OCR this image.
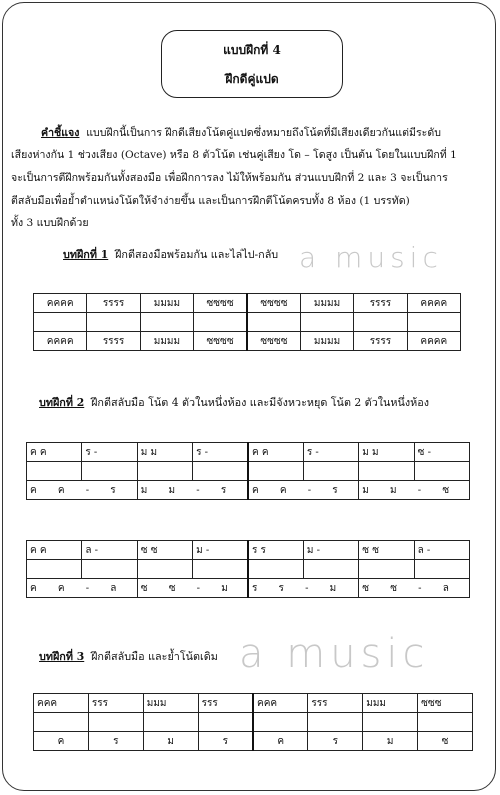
แบบฝึกที่ 4
ฝึกดีคู่แปด
คำชี้แจง แบบฝึกนี้เป็นการ ฝึกดีเสียงโน้ตคู่แปดซึ่งหมายถึงโน้ตที่มีเสียงเดียวกันแต่มีระดับ
เสียงห่างกัน 1 ช่วงเสียง (Octave) หรือ 8 ตัวโน้ต เช่นคู่เสียง โด – โดสูง เป็นต้น โดยในแบบฝึกที่ 1
จะเป็นการตีฝึกพร้อมกันทั้งสองมือ เพื่อฝึกการลง ไม้ให้พร้อมกัน ส่วนแบบฝึกที่ 2 และ 3 จะเป็นการ
ตีสลับมือเพื่อย้ำตำแหน่งโน้ตให้จำง่ายขึ้น และเป็นการฝึกตีโน้ตครบทั้ง 8 ห้อง (1 บรรทัด)
ทั้ง 3 แบบฝึกด้วย
บทฝึกที่ 1 ฝึกตีสองมือพร้อมกัน และไล่ไป-กลับ a music
คคคค	รรรร	มมมม	ซซซซ	ซซซซ	มมมม	รรรร	คคคค

คคคค	รรรร	มมมม	ซซซซ	ซซซซ	มมมม	รรรร	คคคค
บทฝึกที่ 2 ฝึกตีสลับมือ โน้ต 4 ตัวในหนึ่งห้อง และมีจังหวะหยุด โน้ต 2 ตัวในหนึ่งห้อง
ค ค	ร -	ม ม	ร -	ค ค	ร -	ม ม	ซ -

ค ค - ร		ม ม - ร		ค ค - ร		ม ม - ซ	
ค ค	ล -	ซ ซ	ม -	ร ร	ม -	ซ ซ	ล -

ค ค - ล		ซ ซ - ม		ร ร - ม		ซ ซ - ล	
บทฝึกที่ 3 ฝึกตีสลับมือ และย้ำโน้ตเดิม a music
คคค	รรร	มมม	รรร	คคค	รรร	มมม	ซซซ

ค	ร	ม	ร	ค	ร	ม	ซ
